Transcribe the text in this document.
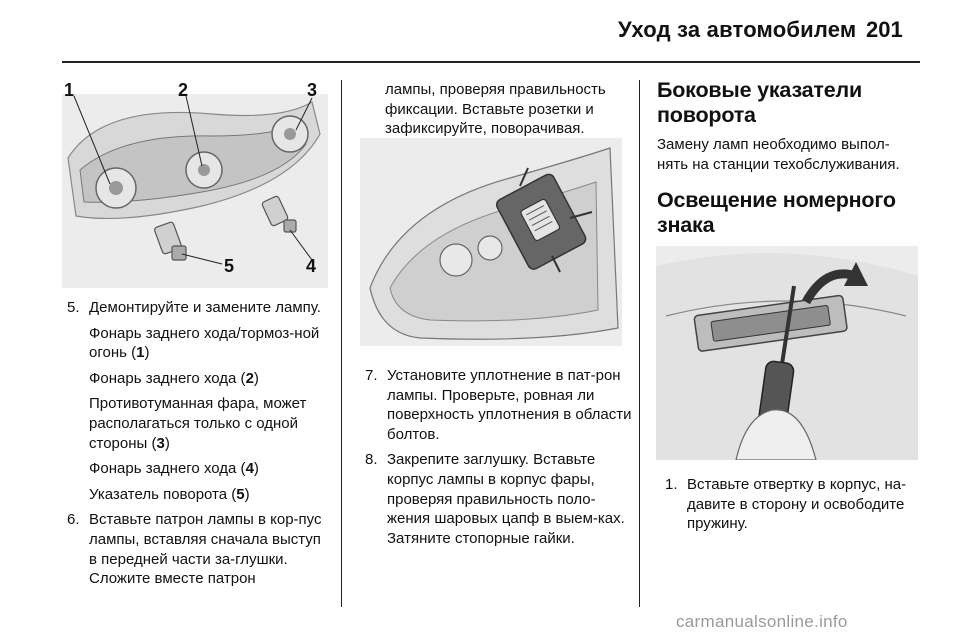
Уход за автомобилем 201
1	2	3
4
5
5. Демонтируйте и замените лампу.
Фонарь заднего хода/тормоз-ной огонь (1)
Фонарь заднего хода (2)
Противотуманная фара, может располагаться только с одной стороны (3)
Фонарь заднего хода (4)
Указатель поворота (5)
6. Вставьте патрон лампы в кор-пус лампы, вставляя сначала выступ в передней части за-глушки. Сложите вместе патрон
лампы, проверяя правильность фиксации. Вставьте розетки и зафиксируйте, поворачивая.
7. Установите уплотнение в пат-рон лампы. Проверьте, ровная ли поверхность уплотнения в области болтов.
8. Закрепите заглушку. Вставьте корпус лампы в корпус фары, проверяя правильность поло-жения шаровых цапф в выем-ках. Затяните стопорные гайки.
Боковые указатели поворота
Замену ламп необходимо выпол-нять на станции техобслуживания.
Освещение номерного знака
1. Вставьте отвертку в корпус, на-давите в сторону и освободите пружину.
carmanualsonline.info
